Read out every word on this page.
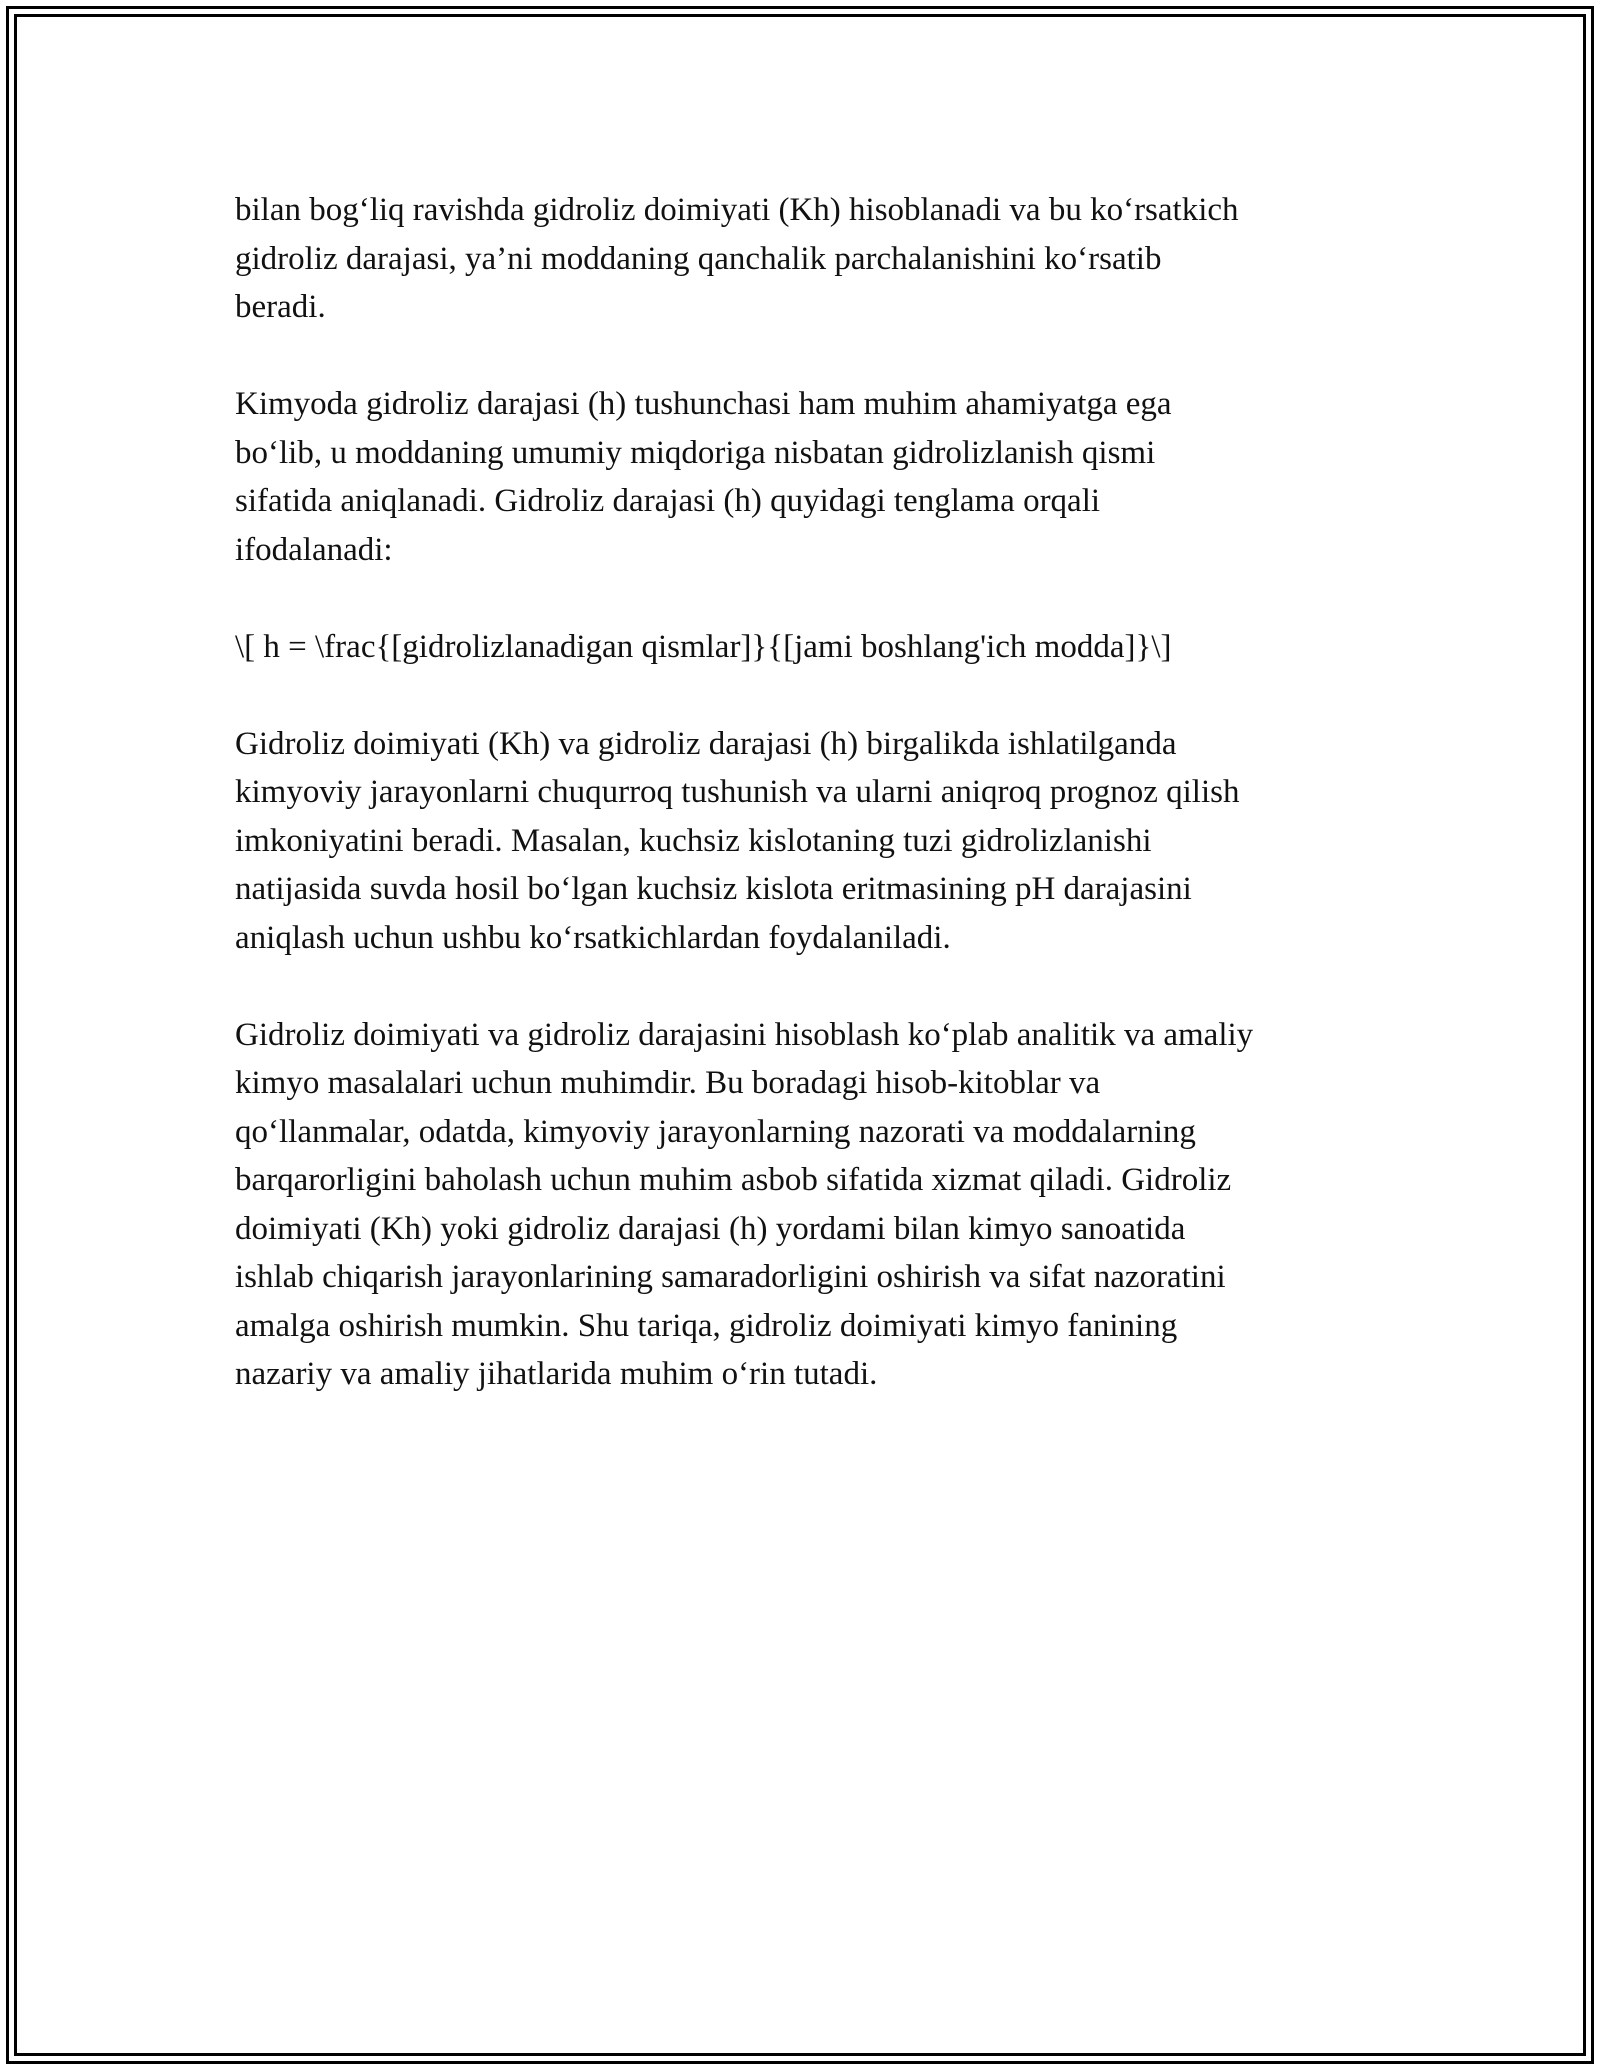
bilan bog‘liq ravishda gidroliz doimiyati (Kh) hisoblanadi va bu ko‘rsatkich
gidroliz darajasi, ya’ni moddaning qanchalik parchalanishini ko‘rsatib
beradi.

Kimyoda gidroliz darajasi (h) tushunchasi ham muhim ahamiyatga ega
bo‘lib, u moddaning umumiy miqdoriga nisbatan gidrolizlanish qismi
sifatida aniqlanadi. Gidroliz darajasi (h) quyidagi tenglama orqali
ifodalanadi:

\[ h = \frac{[gidrolizlanadigan qismlar]}{[jami boshlang'ich modda]}\]

Gidroliz doimiyati (Kh) va gidroliz darajasi (h) birgalikda ishlatilganda
kimyoviy jarayonlarni chuqurroq tushunish va ularni aniqroq prognoz qilish
imkoniyatini beradi. Masalan, kuchsiz kislotaning tuzi gidrolizlanishi
natijasida suvda hosil bo‘lgan kuchsiz kislota eritmasining pH darajasini
aniqlash uchun ushbu ko‘rsatkichlardan foydalaniladi.

Gidroliz doimiyati va gidroliz darajasini hisoblash ko‘plab analitik va amaliy
kimyo masalalari uchun muhimdir. Bu boradagi hisob-kitoblar va
qo‘llanmalar, odatda, kimyoviy jarayonlarning nazorati va moddalarning
barqarorligini baholash uchun muhim asbob sifatida xizmat qiladi. Gidroliz
doimiyati (Kh) yoki gidroliz darajasi (h) yordami bilan kimyo sanoatida
ishlab chiqarish jarayonlarining samaradorligini oshirish va sifat nazoratini
amalga oshirish mumkin. Shu tariqa, gidroliz doimiyati kimyo fanining
nazariy va amaliy jihatlarida muhim o‘rin tutadi.
